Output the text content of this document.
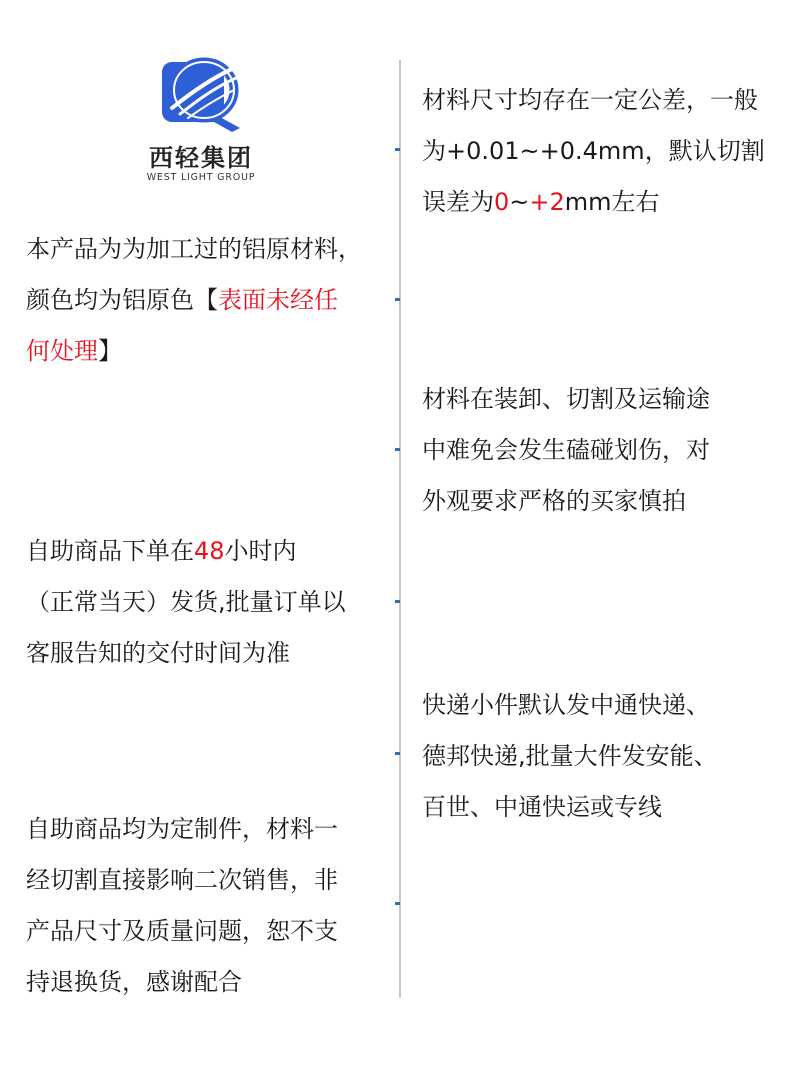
西轻集团
WEST LIGHT GROUP
材料尺寸均存在一定公差，一般
为+0.01~+0.4mm，默认切割
误差为0~+2mm左右
本产品为为加工过的铝原材料，
颜色均为铝原色【表面未经任
何处理】
材料在装卸、切割及运输途
中难免会发生磕碰划伤，对
外观要求严格的买家慎拍
自助商品下单在48小时内
（正常当天）发货,批量订单以
客服告知的交付时间为准
快递小件默认发中通快递、
德邦快递,批量大件发安能、
百世、中通快运或专线
自助商品均为定制件，材料一
经切割直接影响二次销售，非
产品尺寸及质量问题，恕不支
持退换货，感谢配合
